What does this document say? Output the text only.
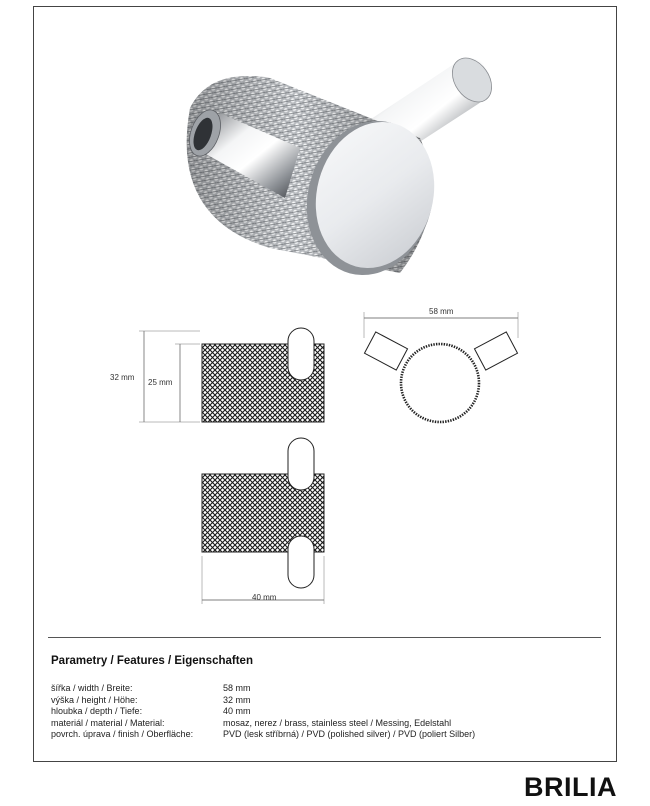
32 mm
25 mm
58 mm
40 mm
Parametry / Features / Eigenschaften
šířka / width / Breite:	58 mm
výška / height / Höhe:	32 mm
hloubka / depth / Tiefe:	40 mm
materiál / material / Material:	mosaz, nerez / brass, stainless steel / Messing, Edelstahl
povrch. úprava / finish / Oberfläche:	PVD (lesk stříbrná) / PVD (polished silver) / PVD (poliert Silber)
BRILIA
